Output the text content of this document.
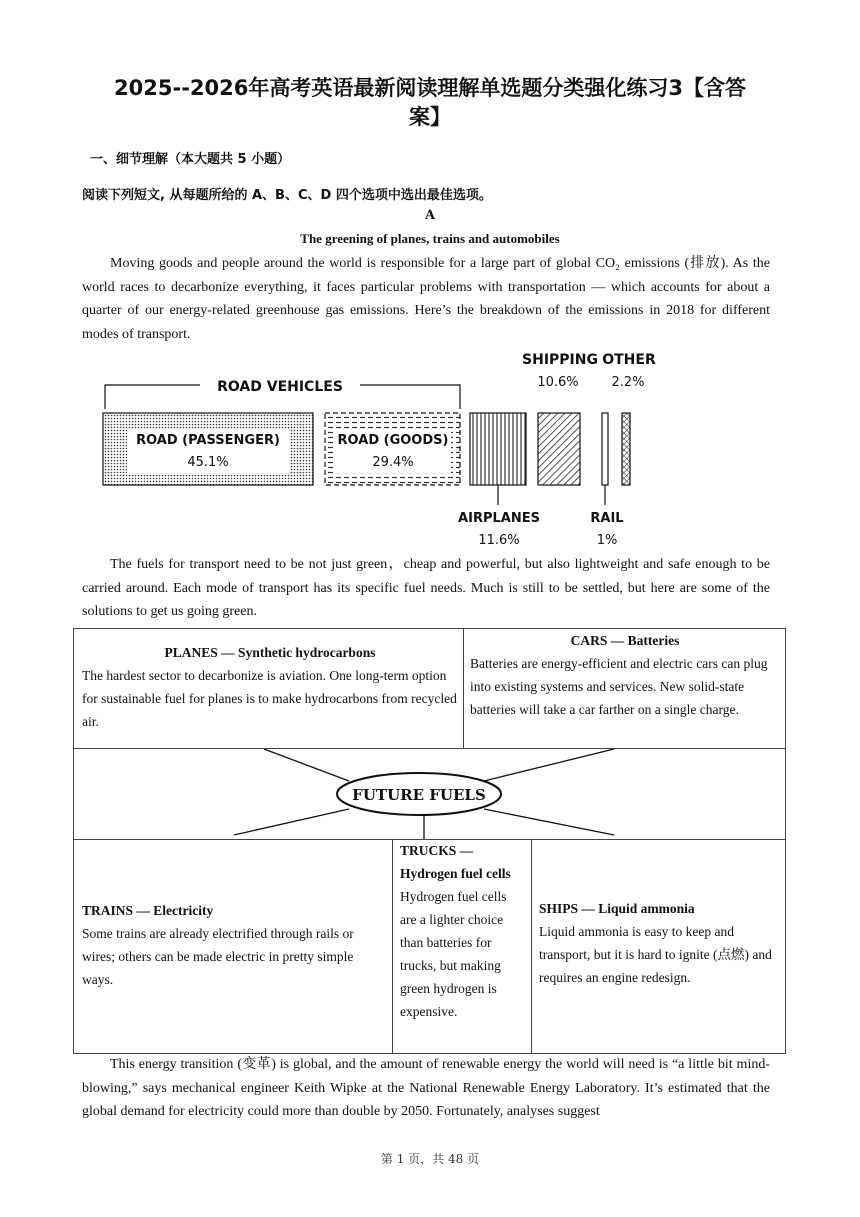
2025--2026年高考英语最新阅读理解单选题分类强化练习3【含答
案】
一、细节理解（本大题共 5 小题）
阅读下列短文, 从每题所给的 A、B、C、D 四个选项中选出最佳选项。
A
The greening of planes, trains and automobiles
Moving goods and people around the world is responsible for a large part of global CO₂ emissions (排放). As the world races to decarbonize everything, it faces particular problems with transportation — which accounts for about a quarter of our energy-related greenhouse gas emissions. Here’s the breakdown of the emissions in 2018 for different modes of transport.
ROAD VEHICLES
ROAD (PASSENGER)
45.1%
ROAD (GOODS)
29.4%
SHIPPING
10.6%
OTHER
2.2%
AIRPLANES
11.6%
RAIL
1%
The fuels for transport need to be not just green，cheap and powerful, but also lightweight and safe enough to be carried around. Each mode of transport has its specific fuel needs. Much is still to be settled, but here are some of the solutions to get us going green.
PLANES — Synthetic hydrocarbons
The hardest sector to decarbonize is aviation. One long-term option for sustainable fuel for planes is to make hydrocarbons from recycled air.
CARS — Batteries
Batteries are energy-efficient and electric cars can plug into existing systems and services. New solid-state batteries will take a car farther on a single charge.
FUTURE FUELS
TRAINS — Electricity
Some trains are already electrified through rails or wires; others can be made electric in pretty simple ways.
TRUCKS — Hydrogen fuel cells
Hydrogen fuel cells are a lighter choice than batteries for trucks, but making green hydrogen is expensive.
SHIPS — Liquid ammonia
Liquid ammonia is easy to keep and transport, but it is hard to ignite (点燃) and requires an engine redesign.
This energy transition (变革) is global, and the amount of renewable energy the world will need is “a little bit mind-blowing,” says mechanical engineer Keith Wipke at the National Renewable Energy Laboratory. It’s estimated that the global demand for electricity could more than double by 2050. Fortunately, analyses suggest
第 1 页，共 48 页
